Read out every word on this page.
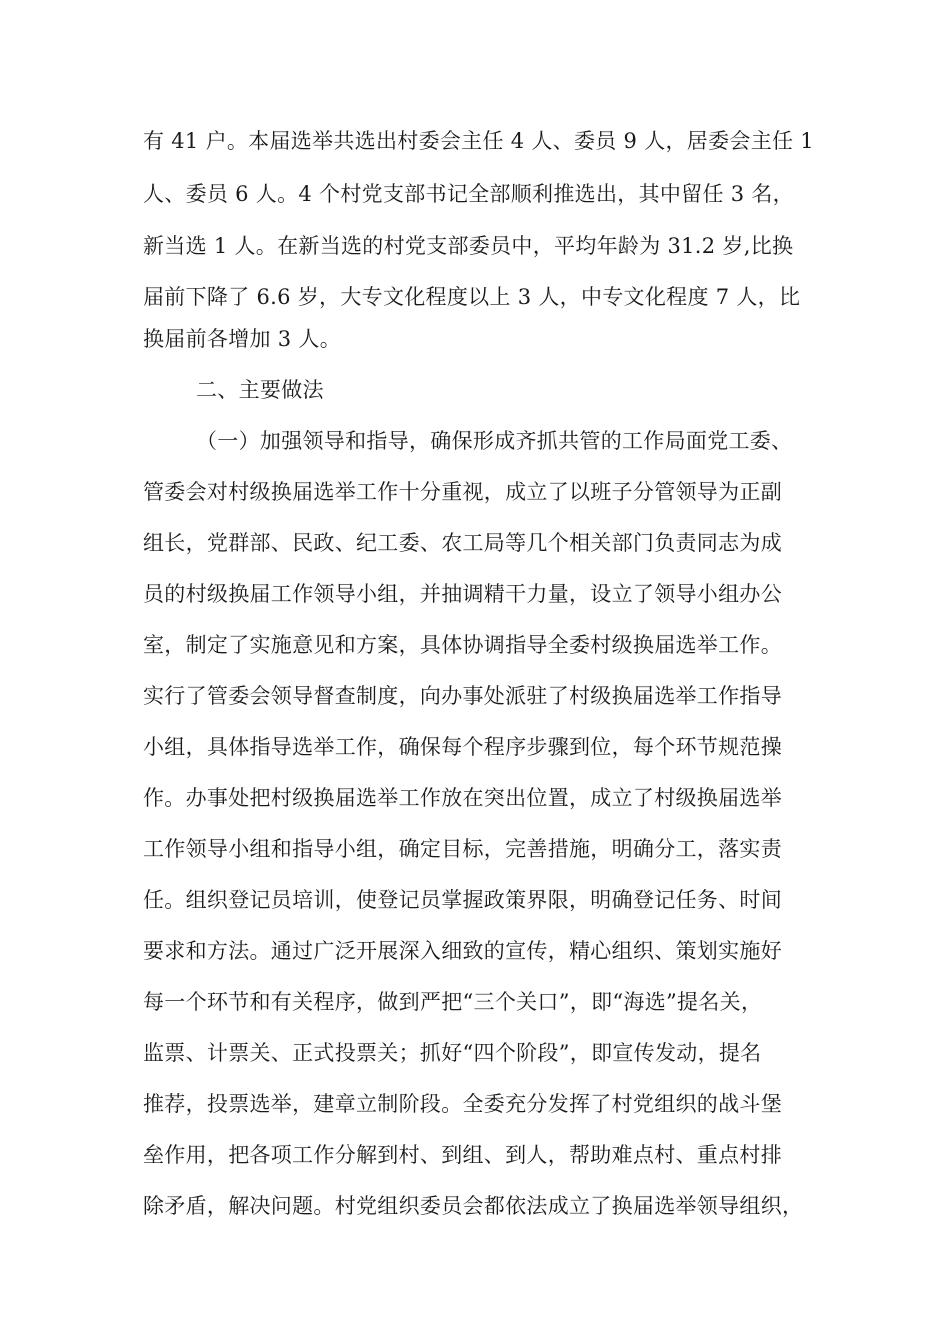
有 41 户。本届选举共选出村委会主任 4 人、委员 9 人，居委会主任 1
人、委员 6 人。4 个村党支部书记全部顺利推选出，其中留任 3 名，
新当选 1 人。在新当选的村党支部委员中，平均年龄为 31.2 岁,比换
届前下降了 6.6 岁，大专文化程度以上 3 人，中专文化程度 7 人，比
换届前各增加 3 人。
二、主要做法
（一）加强领导和指导，确保形成齐抓共管的工作局面党工委、
管委会对村级换届选举工作十分重视，成立了以班子分管领导为正副
组长，党群部、民政、纪工委、农工局等几个相关部门负责同志为成
员的村级换届工作领导小组，并抽调精干力量，设立了领导小组办公
室，制定了实施意见和方案，具体协调指导全委村级换届选举工作。
实行了管委会领导督查制度，向办事处派驻了村级换届选举工作指导
小组，具体指导选举工作，确保每个程序步骤到位，每个环节规范操
作。办事处把村级换届选举工作放在突出位置，成立了村级换届选举
工作领导小组和指导小组，确定目标，完善措施，明确分工，落实责
任。组织登记员培训，使登记员掌握政策界限，明确登记任务、时间
要求和方法。通过广泛开展深入细致的宣传，精心组织、策划实施好
每一个环节和有关程序，做到严把“三个关口”，即“海选”提名关，
监票、计票关、正式投票关；抓好“四个阶段”，即宣传发动，提名
推荐，投票选举，建章立制阶段。全委充分发挥了村党组织的战斗堡
垒作用，把各项工作分解到村、到组、到人，帮助难点村、重点村排
除矛盾，解决问题。村党组织委员会都依法成立了换届选举领导组织，
